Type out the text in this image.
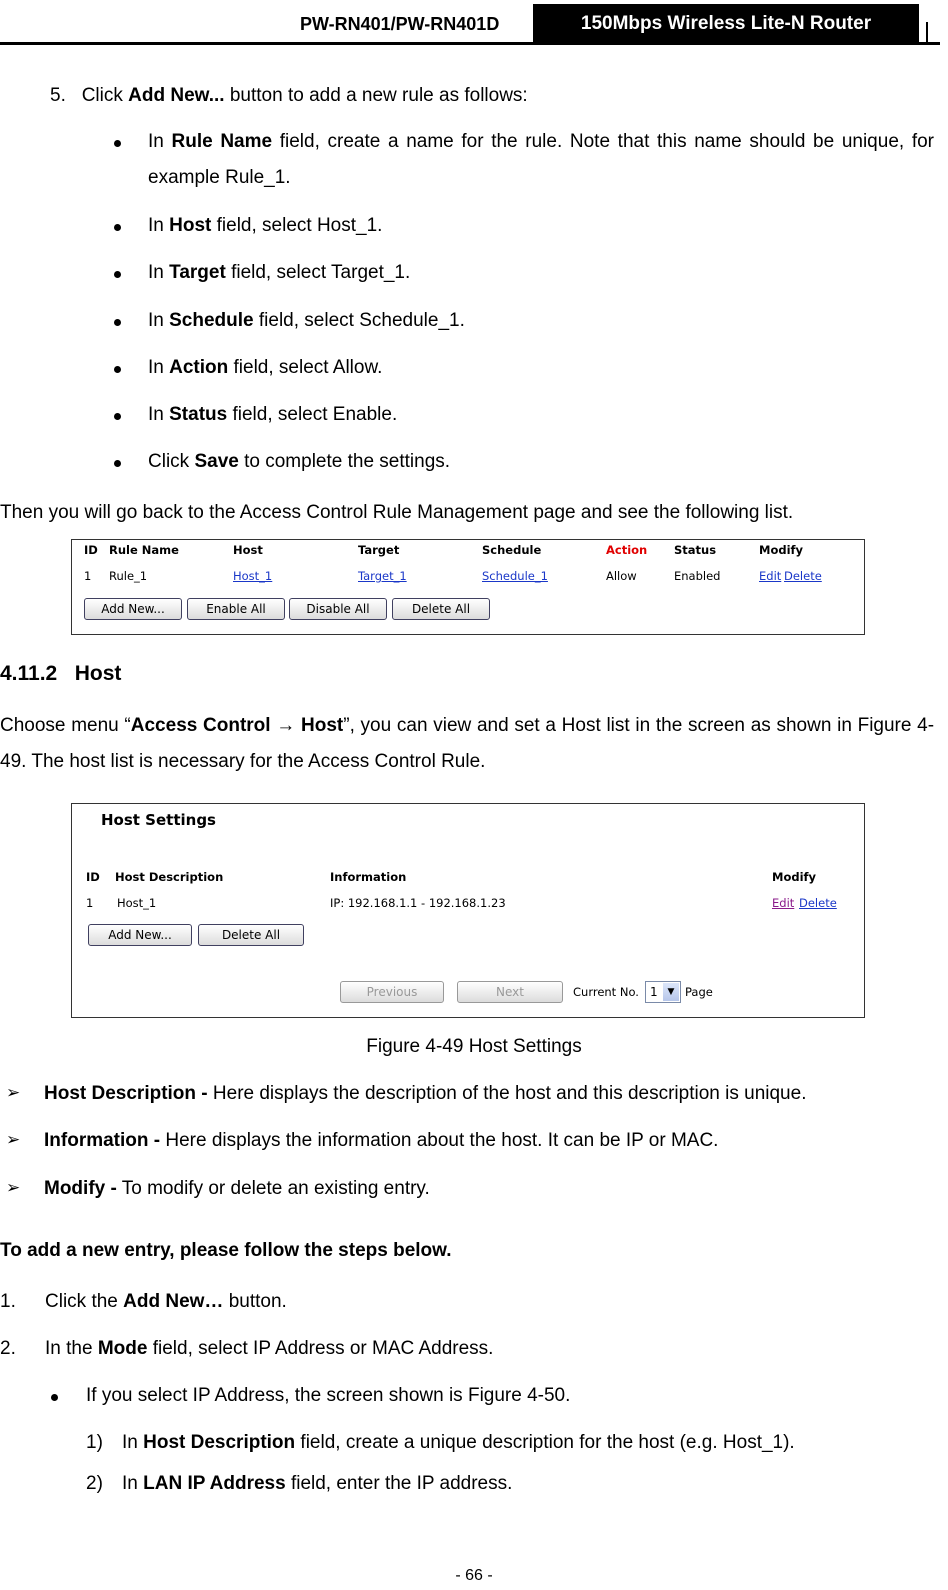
PW-RN401/PW-RN401D	150Mbps Wireless Lite-N Router
5. Click Add New... button to add a new rule as follows:
In Rule Name field, create a name for the rule. Note that this name should be unique, for example Rule_1.
In Host field, select Host_1.
In Target field, select Target_1.
In Schedule field, select Schedule_1.
In Action field, select Allow.
In Status field, select Enable.
Click Save to complete the settings.
Then you will go back to the Access Control Rule Management page and see the following list.
ID Rule Name	Host	Target	Schedule	Action Status	Modify
1 Rule_1	Host_1	Target_1	Schedule_1	Allow	Enabled	Edit Delete
Add New...	Enable All	Disable All	Delete All
4.11.2 Host
Choose menu “Access Control → Host”, you can view and set a Host list in the screen as shown in Figure 4-49. The host list is necessary for the Access Control Rule.
Host Settings
ID Host Description	Information	Modify
1 Host_1	IP: 192.168.1.1 - 192.168.1.23	Edit Delete
Add New...	Delete All
Previous	Next	Current No. 1	▼ Page
Figure 4-49 Host Settings
➢ Host Description - Here displays the description of the host and this description is unique.
➢ Information - Here displays the information about the host. It can be IP or MAC.
➢ Modify - To modify or delete an existing entry.
To add a new entry, please follow the steps below.
1. Click the Add New… button.
2. In the Mode field, select IP Address or MAC Address.
If you select IP Address, the screen shown is Figure 4-50.
1) In Host Description field, create a unique description for the host (e.g. Host_1).
2) In LAN IP Address field, enter the IP address.
- 66 -
